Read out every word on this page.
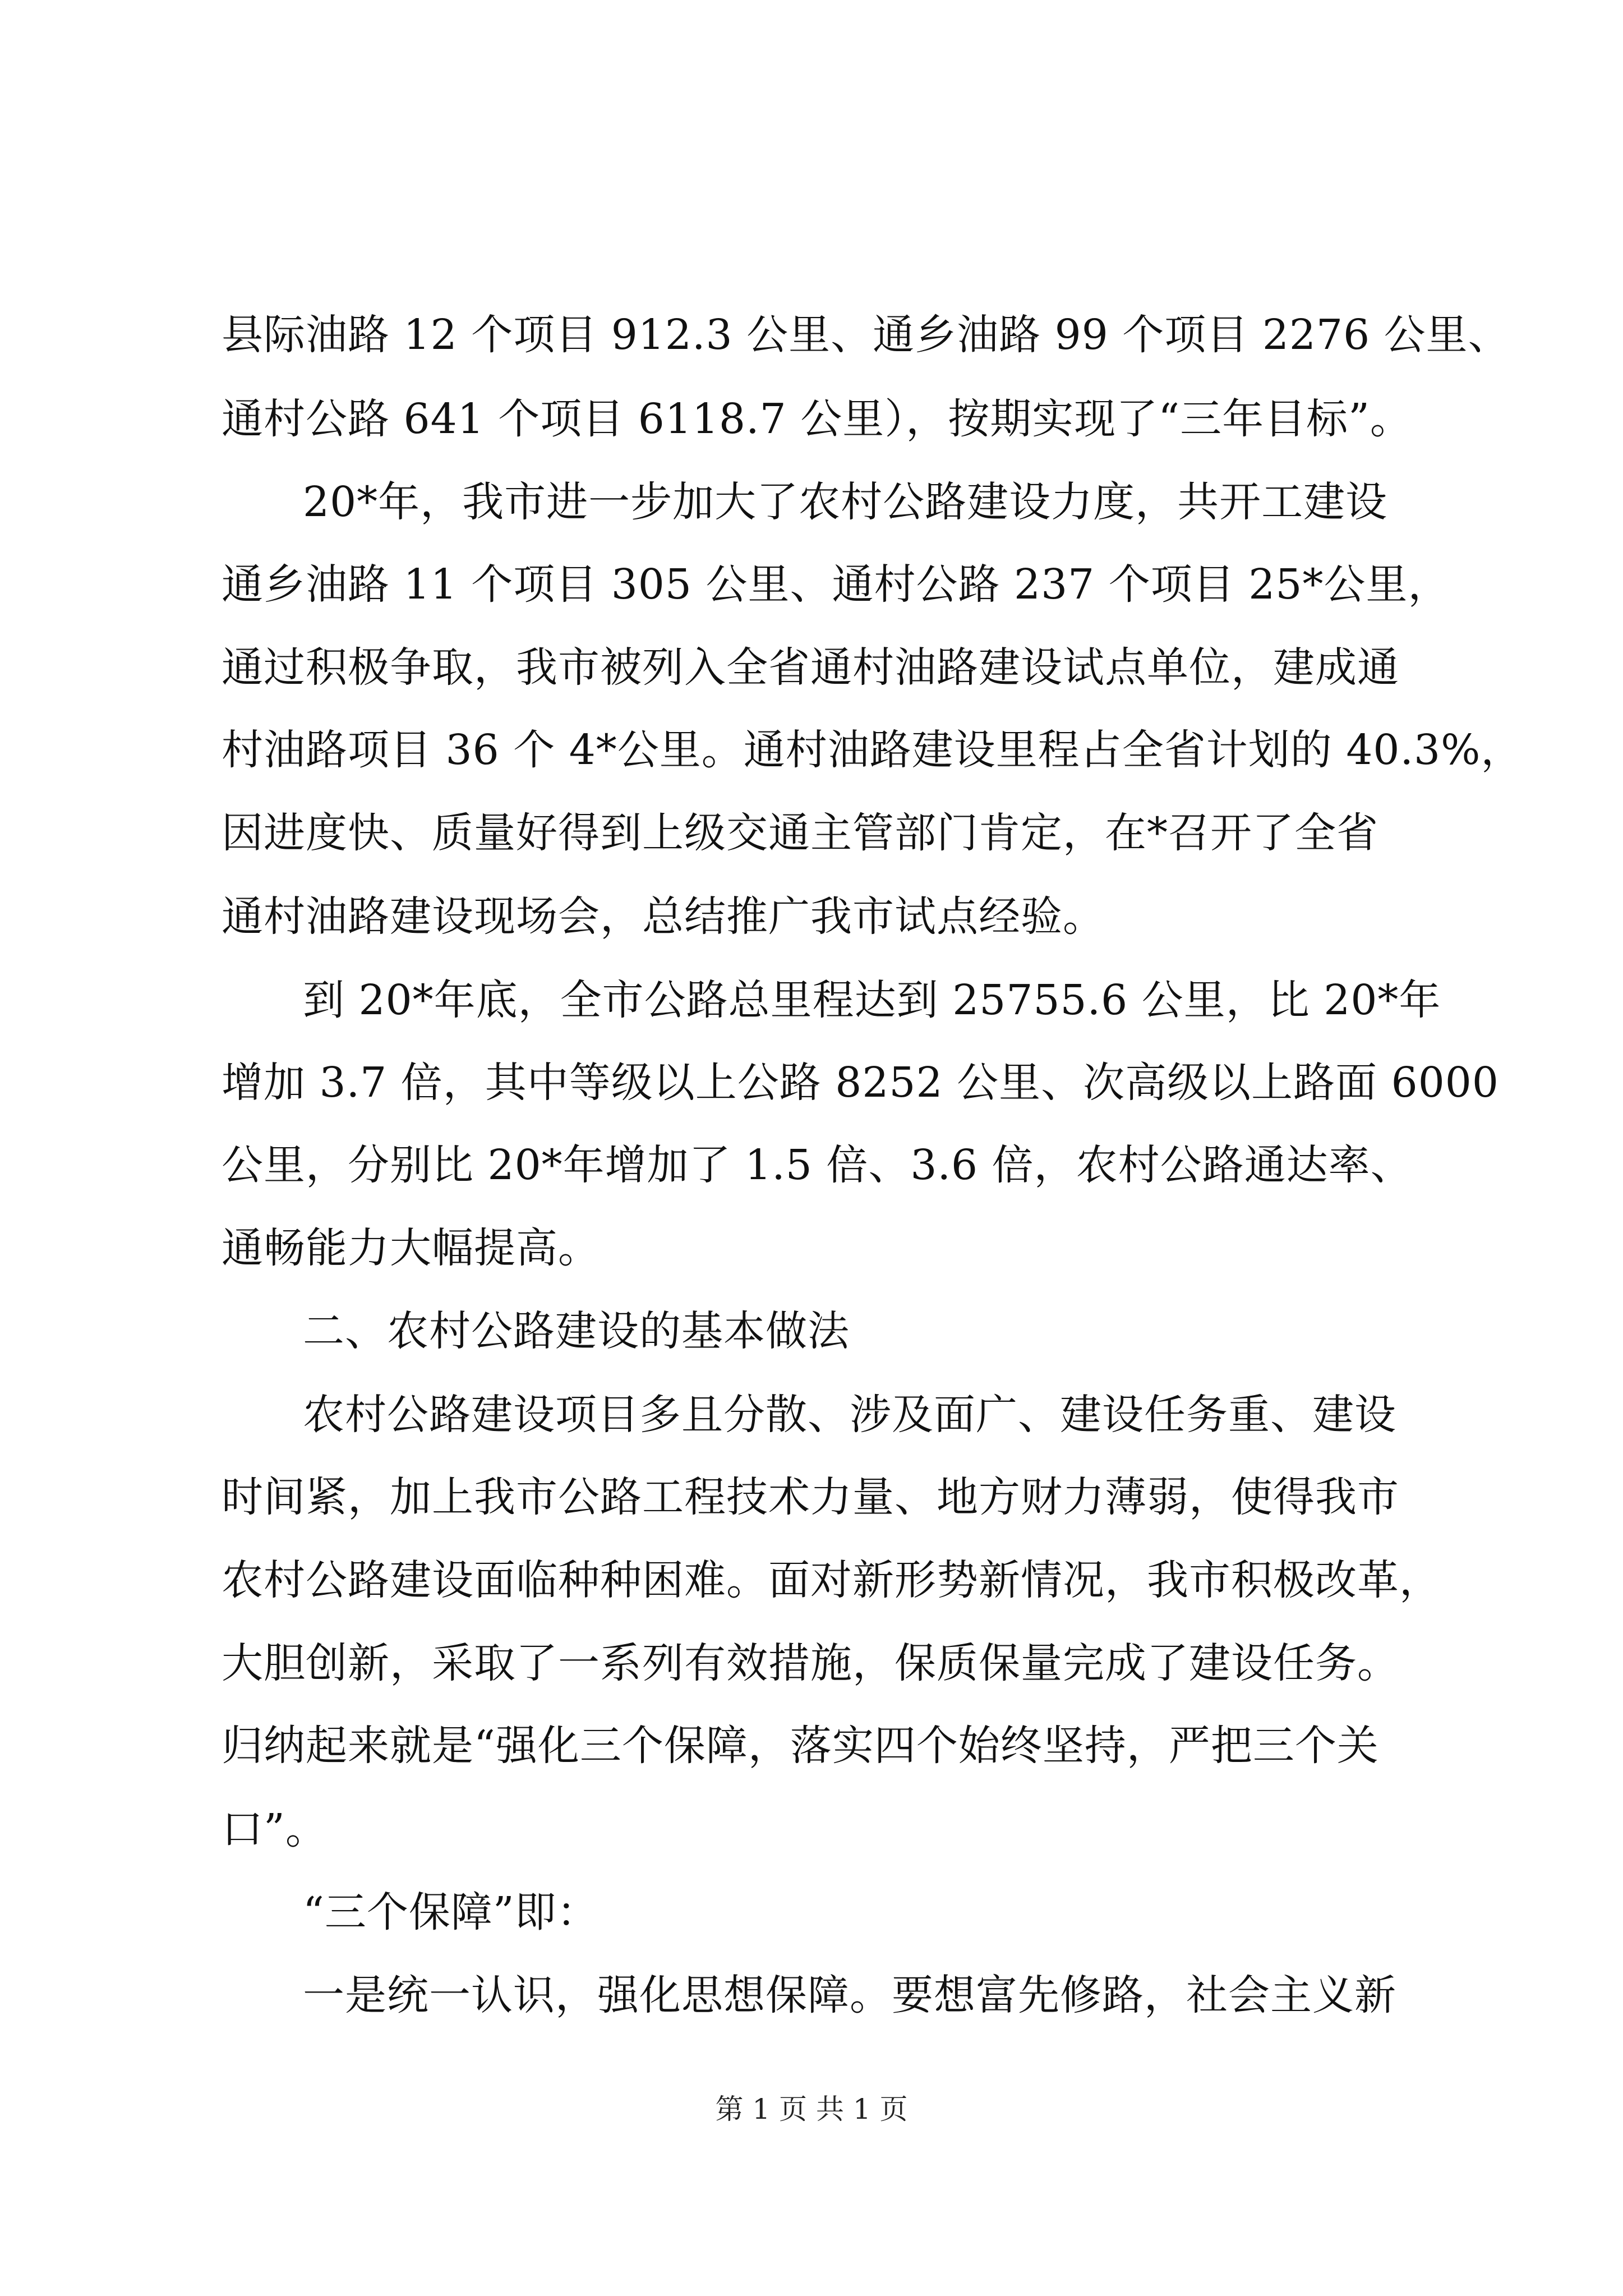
县际油路 12 个项目 912.3 公里、通乡油路 99 个项目 2276 公里、
通村公路 641 个项目 6118.7 公里），按期实现了“三年目标”。
20*年，我市进一步加大了农村公路建设力度，共开工建设
通乡油路 11 个项目 305 公里、通村公路 237 个项目 25*公里，
通过积极争取，我市被列入全省通村油路建设试点单位，建成通
村油路项目 36 个 4*公里。通村油路建设里程占全省计划的 40.3%，
因进度快、质量好得到上级交通主管部门肯定，在*召开了全省
通村油路建设现场会，总结推广我市试点经验。
到 20*年底，全市公路总里程达到 25755.6 公里，比 20*年
增加 3.7 倍，其中等级以上公路 8252 公里、次高级以上路面 6000
公里，分别比 20*年增加了 1.5 倍、3.6 倍，农村公路通达率、
通畅能力大幅提高。
二、农村公路建设的基本做法
农村公路建设项目多且分散、涉及面广、建设任务重、建设
时间紧，加上我市公路工程技术力量、地方财力薄弱，使得我市
农村公路建设面临种种困难。面对新形势新情况，我市积极改革，
大胆创新，采取了一系列有效措施，保质保量完成了建设任务。
归纳起来就是“强化三个保障，落实四个始终坚持，严把三个关
口”。
“三个保障”即：
一是统一认识，强化思想保障。要想富先修路，社会主义新
第 1 页 共 1 页
